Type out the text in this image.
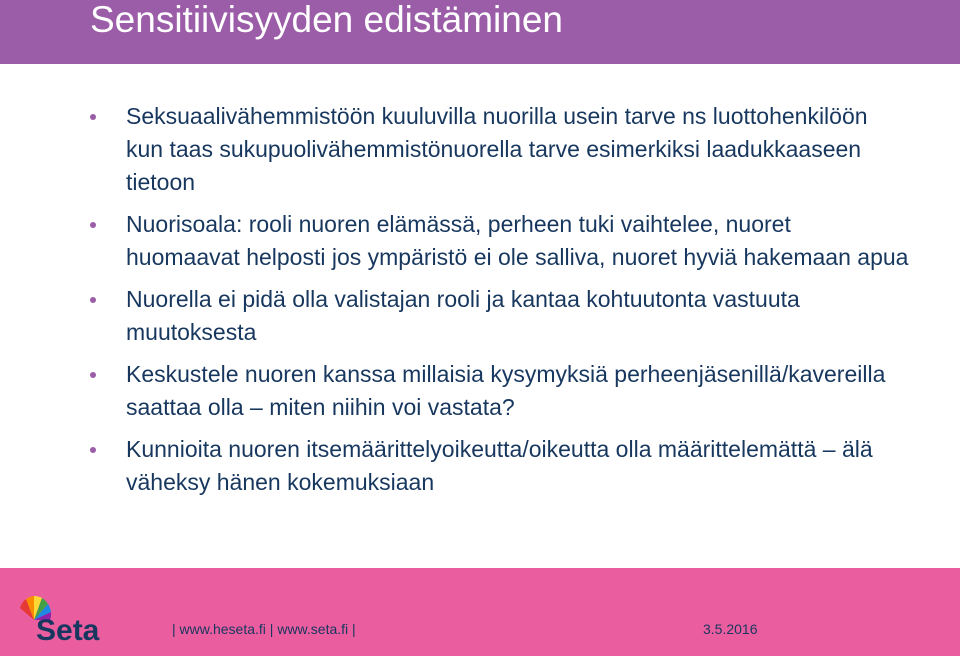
Sensitiivisyyden edistäminen
Seksuaalivähemmistöön kuuluvilla nuorilla usein tarve ns luottohenkilöön kun taas sukupuolivähemmistönuorella tarve esimerkiksi laadukkaaseen tietoon
Nuorisoala: rooli nuoren elämässä, perheen tuki vaihtelee, nuoret huomaavat helposti jos ympäristö ei ole salliva, nuoret hyviä hakemaan apua
Nuorella ei pidä olla valistajan rooli ja kantaa kohtuutonta vastuuta muutoksesta
Keskustele nuoren kanssa millaisia kysymyksiä perheenjäsenillä/kavereilla saattaa olla – miten niihin voi vastata?
Kunnioita nuoren itsemäärittelyoikeutta/oikeutta olla määrittelemättä – älä väheksy hänen kokemuksiaan
Seta	| www.heseta.fi | www.seta.fi |	3.5.2016
